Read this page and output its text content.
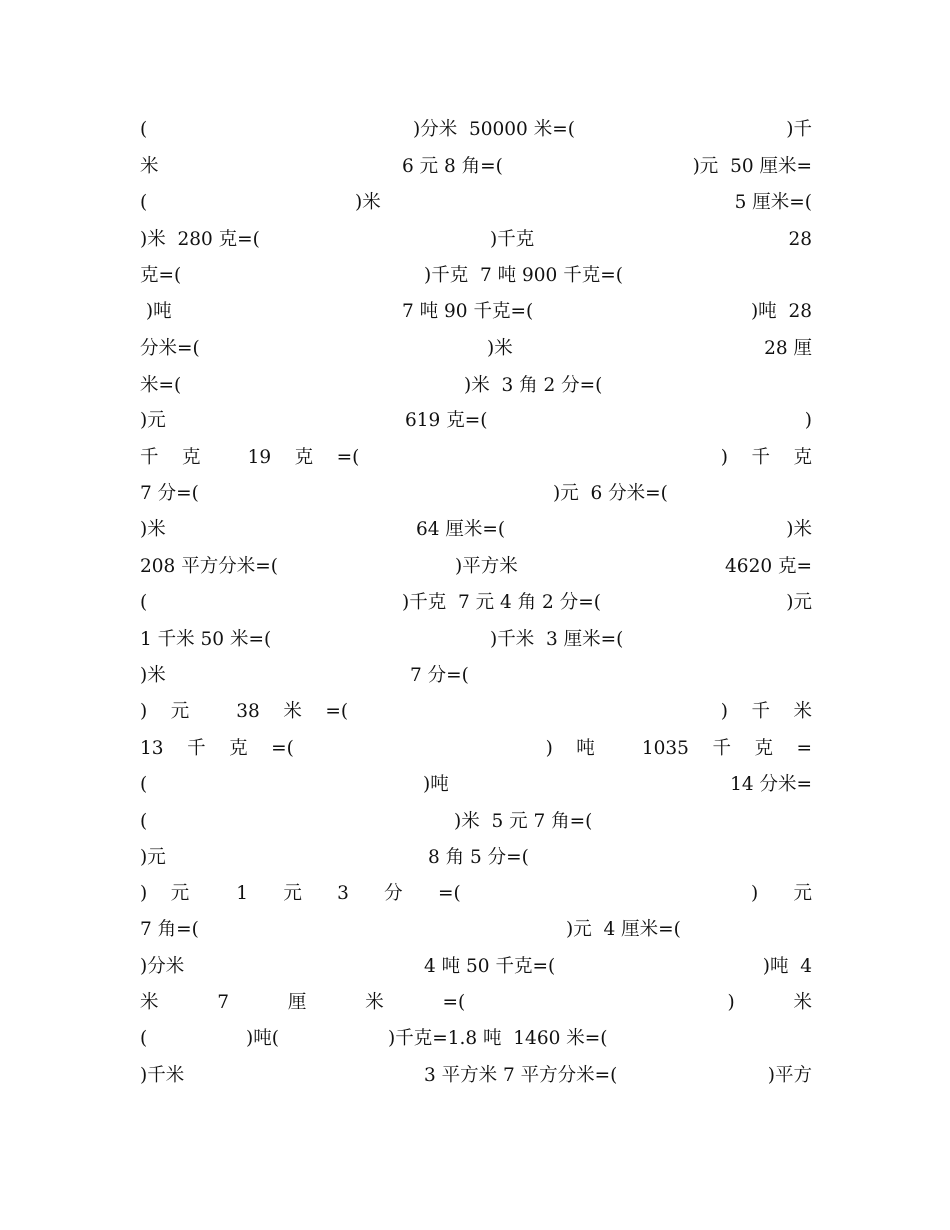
(

	)分米  50000 米=(

	)千

米

	6 元 8 角=(

	)元  50 厘米=

(

	)米

	5 厘米=(

)米  280 克=(

	)千克

	28

克=(

	)千克  7 吨 900 千克=(

)吨

	7 吨 90 千克=(

	)吨  28

分米=(

	)米

	28 厘

米=(

	)米  3 角 2 分=(

)元

	619 克=(

	)

千    克        19    克    =(

	)    千    克

7 分=(

	)元  6 分米=(

)米

	64 厘米=(

	)米

208 平方分米=(

	)平方米

	4620 克=

(

	)千克  7 元 4 角 2 分=(

	)元

1 千米 50 米=(

	)千米  3 厘米=(

)米

	7 分=(

)    元        38    米    =(

	)    千    米

13    千    克    =(

	)    吨        1035    千    克    =

(

	)吨

	14 分米=

(

	)米  5 元 7 角=(

)元

	8 角 5 分=(

)    元        1      元      3      分      =(

	)      元

7 角=(

	)元  4 厘米=(

)分米

	4 吨 50 千克=(

	)吨  4

米          7          厘          米          =(

	)          米

(

	)吨(

	)千克=1.8 吨  1460 米=(

)千米

	3 平方米 7 平方分米=(

	)平方
